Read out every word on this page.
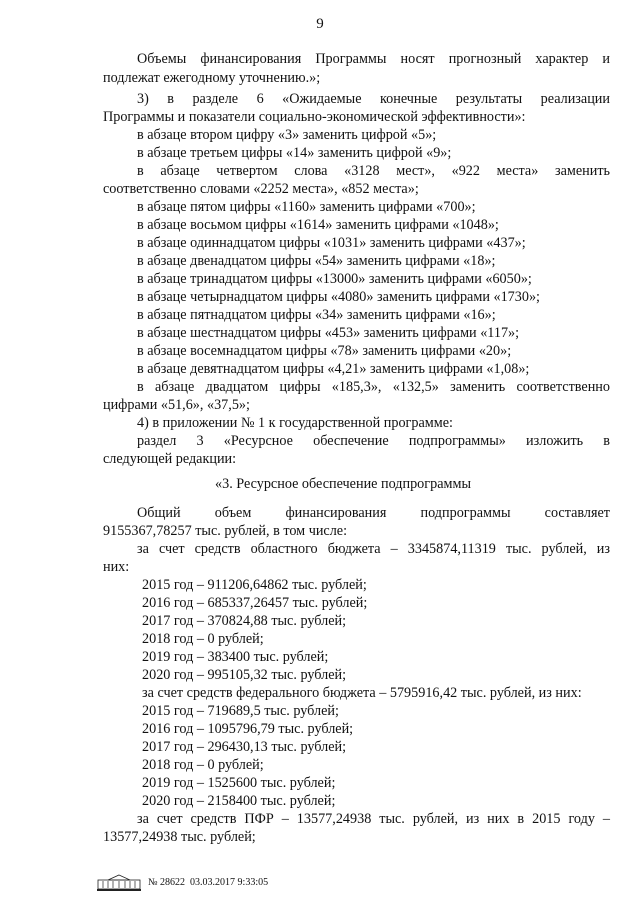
9
Объемы финансирования Программы носят прогнозный характер и
подлежат ежегодному уточнению.»;
3) в разделе 6 «Ожидаемые конечные результаты реализации
Программы и показатели социально-экономической эффективности»:
в абзаце втором цифру «3» заменить цифрой «5»;
в абзаце третьем цифры «14» заменить цифрой «9»;
в абзаце четвертом слова «3128 мест», «922 места» заменить
соответственно словами «2252 места», «852 места»;
в абзаце пятом цифры «1160» заменить цифрами «700»;
в абзаце восьмом цифры «1614» заменить цифрами «1048»;
в абзаце одиннадцатом цифры «1031» заменить цифрами «437»;
в абзаце двенадцатом цифры «54» заменить цифрами «18»;
в абзаце тринадцатом цифры «13000» заменить цифрами «6050»;
в абзаце четырнадцатом цифры «4080» заменить цифрами «1730»;
в абзаце пятнадцатом цифры «34» заменить цифрами «16»;
в абзаце шестнадцатом цифры «453» заменить цифрами «117»;
в абзаце восемнадцатом цифры «78» заменить цифрами «20»;
в абзаце девятнадцатом цифры «4,21» заменить цифрами «1,08»;
в абзаце двадцатом цифры «185,3», «132,5» заменить соответственно
цифрами «51,6», «37,5»;
4) в приложении № 1 к государственной программе:
раздел 3 «Ресурсное обеспечение подпрограммы» изложить в
следующей редакции:
«3. Ресурсное обеспечение подпрограммы
Общий объем финансирования подпрограммы составляет
9155367,78257 тыс. рублей, в том числе:
за счет средств областного бюджета – 3345874,11319 тыс. рублей, из
них:
2015 год – 911206,64862 тыс. рублей;
2016 год – 685337,26457 тыс. рублей;
2017 год – 370824,88 тыс. рублей;
2018 год – 0 рублей;
2019 год – 383400 тыс. рублей;
2020 год – 995105,32 тыс. рублей;
за счет средств федерального бюджета – 5795916,42 тыс. рублей, из них:
2015 год – 719689,5 тыс. рублей;
2016 год – 1095796,79 тыс. рублей;
2017 год – 296430,13 тыс. рублей;
2018 год – 0 рублей;
2019 год – 1525600 тыс. рублей;
2020 год – 2158400 тыс. рублей;
за счет средств ПФР – 13577,24938 тыс. рублей, из них в 2015 году –
13577,24938 тыс. рублей;
№ 28622 03.03.2017 9:33:05
